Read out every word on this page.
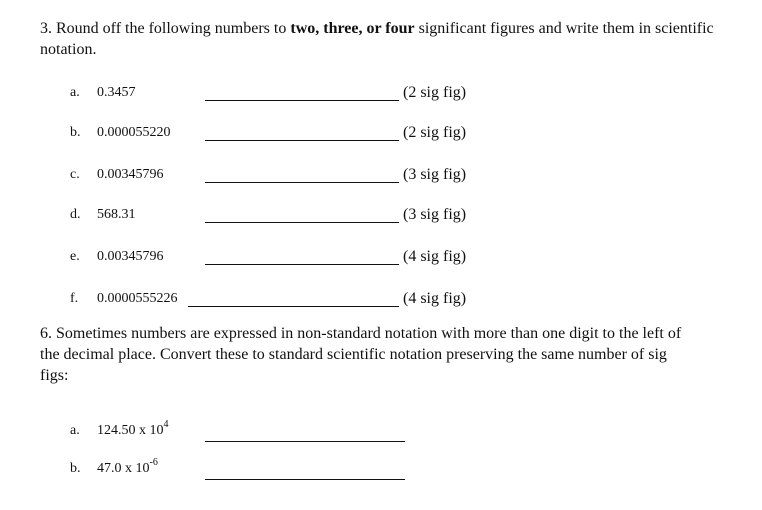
3. Round off the following numbers to two, three, or four significant figures and write them in scientific notation.
a. 0.3457	(2 sig fig)
b. 0.000055220	(2 sig fig)
c. 0.00345796	(3 sig fig)
d. 568.31	(3 sig fig)
e. 0.00345796	(4 sig fig)
f. 0.0000555226	(4 sig fig)
6. Sometimes numbers are expressed in non-standard notation with more than one digit to the left of the decimal place. Convert these to standard scientific notation preserving the same number of sig figs:
a. 124.50 x $10^4$
b. 47.0 x $10^{-6}$
